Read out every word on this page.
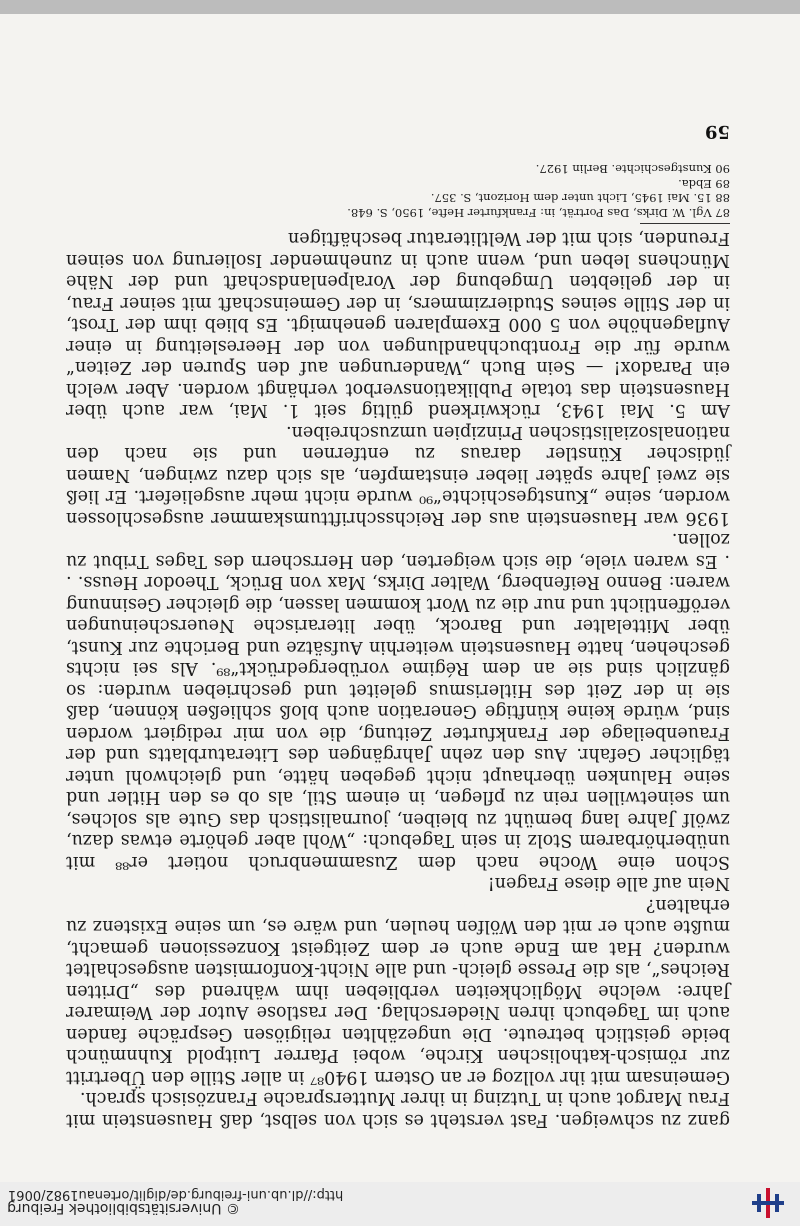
© Universitätsbibliothek Freiburg
http://dl.ub.uni-freiburg.de/diglit/ortenau1982/0061

ganz zu schweigen. Fast versteht es sich von selbst, daß Hausenstein mit Frau Margot auch in Tutzing in ihrer Muttersprache Französisch sprach.

Gemeinsam mit ihr vollzog er an Ostern 1940⁸⁷ in aller Stille den Übertritt zur römisch-katholischen Kirche, wobei Pfarrer Luitpold Kuhnmünch beide geistlich betreute. Die ungezählten religiösen Gespräche fanden auch im Tagebuch ihren Niederschlag. Der rastlose Autor der Weimarer Jahre: welche Möglichkeiten verblieben ihm während des „Dritten Reiches“, als die Presse gleich- und alle Nicht-Konformisten ausgeschaltet wurden? Hat am Ende auch er dem Zeitgeist Konzessionen gemacht, mußte auch er mit den Wölfen heulen, und wäre es, um seine Existenz zu erhalten?

Nein auf alle diese Fragen!

Schon eine Woche nach dem Zusammenbruch notiert er⁸⁸ mit unüberhörbarem Stolz in sein Tagebuch: „Wohl aber gehörte etwas dazu, zwölf Jahre lang bemüht zu bleiben, journalistisch das Gute als solches, um seinetwillen rein zu pflegen, in einem Stil, als ob es den Hitler und seine Halunken überhaupt nicht gegeben hätte, und gleichwohl unter täglicher Gefahr. Aus den zehn Jahrgängen des Literaturblatts und der Frauenbeilage der Frankfurter Zeitung, die von mir redigiert worden sind, würde keine künftige Generation auch bloß schließen können, daß sie in der Zeit des Hitlerismus geleitet und geschrieben wurden: so gänzlich sind sie an dem Régime vorübergedrückt“⁸⁹. Als sei nichts geschehen, hatte Hausenstein weiterhin Aufsätze und Berichte zur Kunst, über Mittelalter und Barock, über literarische Neuerscheinungen veröffentlicht und nur die zu Wort kommen lassen, die gleicher Gesinnung waren: Benno Reifenberg, Walter Dirks, Max von Brück, Theodor Heuss. . . Es waren viele, die sich weigerten, den Herrschern des Tages Tribut zu zollen.

1936 war Hausenstein aus der Reichsschrifttumskammer ausgeschlossen worden, seine „Kunstgeschichte“⁹⁰ wurde nicht mehr ausgeliefert. Er ließ sie zwei Jahre später lieber einstampfen, als sich dazu zwingen, Namen jüdischer Künstler daraus zu entfernen und sie nach den nationalsozialistischen Prinzipien umzuschreiben.

Am 5. Mai 1943, rückwirkend gültig seit 1. Mai, war auch über Hausenstein das totale Publikationsverbot verhängt worden. Aber welch ein Paradox! — Sein Buch „Wanderungen auf den Spuren der Zeiten“ wurde für die Frontbuchhandlungen von der Heeresleitung in einer Auflagenhöhe von 5 000 Exemplaren genehmigt. Es blieb ihm der Trost, in der Stille seines Studierzimmers, in der Gemeinschaft mit seiner Frau, in der geliebten Umgebung der Voralpenlandschaft und der Nähe Münchens leben und, wenn auch in zunehmender Isolierung von seinen Freunden, sich mit der Weltliteratur beschäftigen

87 Vgl. W. Dirks, Das Porträt, in: Frankfurter Hefte, 1950, S. 648.
88 15. Mai 1945, Licht unter dem Horizont, S. 357.
89 Ebda.
90 Kunstgeschichte. Berlin 1927.
59
